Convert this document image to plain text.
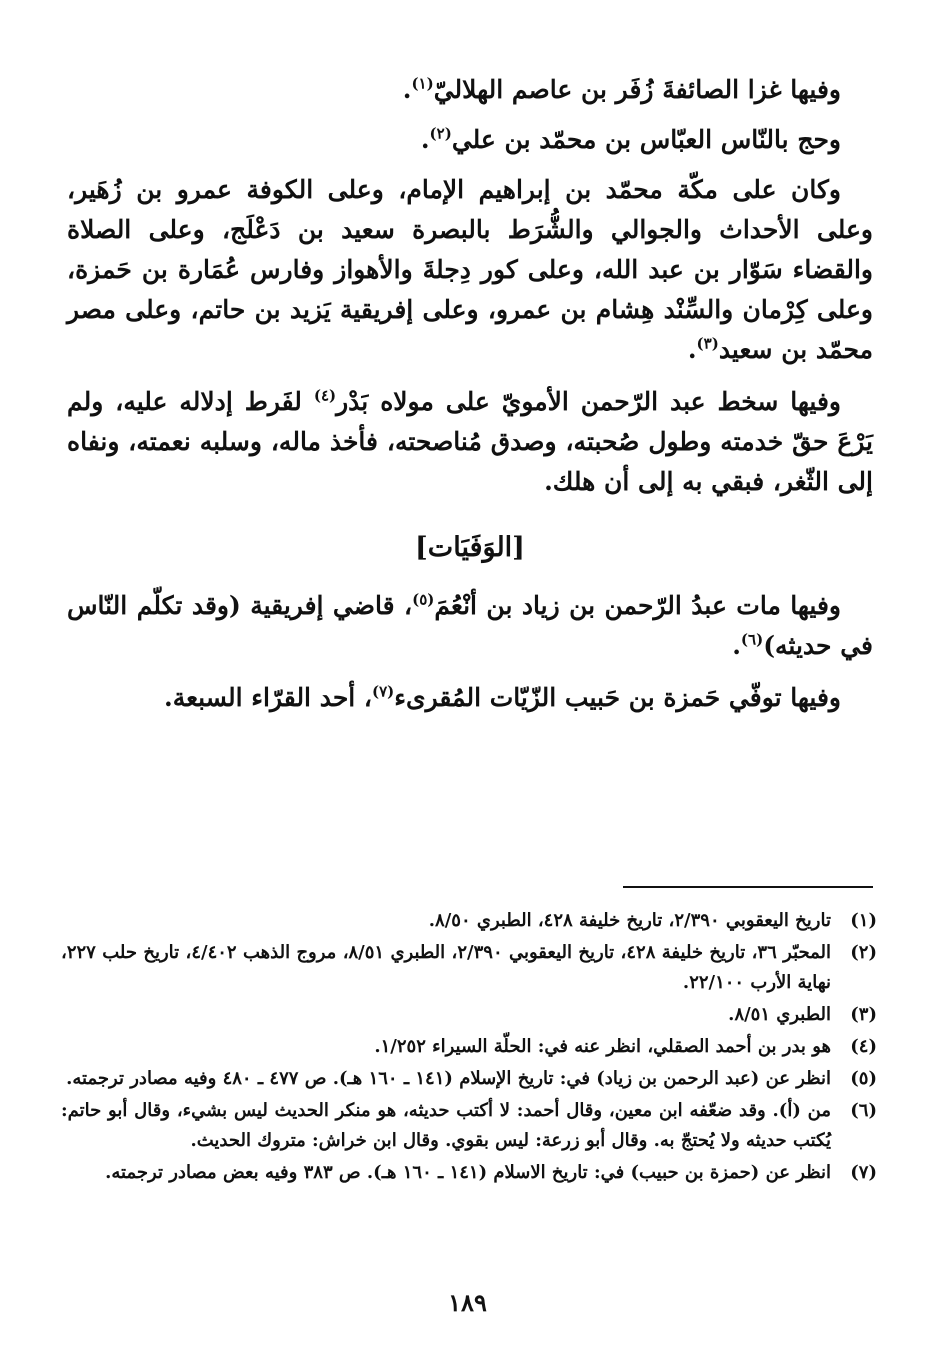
وفيها غزا الصائفةَ زُفَر بن عاصم الهلاليّ$^{(١)}$.

وحج بالنّاس العبّاس بن محمّد بن علي$^{(٢)}$.

وكان على مكّة محمّد بن إبراهيم الإمام، وعلى الكوفة عمرو بن زُهَير، وعلى الأحداث والجوالي والشُّرَط بالبصرة سعيد بن دَعْلَج، وعلى الصلاة والقضاء سَوّار بن عبد الله، وعلى كور دِجلةَ والأهواز وفارس عُمَارة بن حَمزة، وعلى كِرْمان والسِّنْد هِشام بن عمرو، وعلى إفريقية يَزيد بن حاتم، وعلى مصر محمّد بن سعيد$^{(٣)}$.

وفيها سخط عبد الرّحمن الأمويّ على مولاه بَدْر$^{(٤)}$ لفَرط إدلاله عليه، ولم يَرْعَ حقّ خدمته وطول صُحبته، وصدق مُناصحته، فأخذ ماله، وسلبه نعمته، ونفاه إلى الثّغر، فبقي به إلى أن هلك.

[الوَفَيَات]

وفيها مات عبدُ الرّحمن بن زياد بن أنْعُمَ$^{(٥)}$، قاضي إفريقية (وقد تكلّم النّاس في حديثه)$^{(٦)}$.

وفيها توفّي حَمزة بن حَبيب الزّيّات المُقرىء$^{(٧)}$، أحد القرّاء السبعة.

(١)
تاريخ اليعقوبي ٢/٣٩٠، تاريخ خليفة ٤٢٨، الطبري ٨/٥٠.
(٢)
المحبّر ٣٦، تاريخ خليفة ٤٢٨، تاريخ اليعقوبي ٢/٣٩٠، الطبري ٨/٥١، مروج الذهب ٤/٤٠٢، تاريخ حلب ٢٢٧، نهاية الأرب ٢٢/١٠٠.
(٣)
الطبري ٨/٥١.
(٤)
هو بدر بن أحمد الصقلي، انظر عنه في: الحلّة السيراء ١/٢٥٢.
(٥)
انظر عن (عبد الرحمن بن زياد) في: تاريخ الإسلام (١٤١ ـ ١٦٠ هـ). ص ٤٧٧ ـ ٤٨٠ وفيه مصادر ترجمته.
(٦)
من (أ). وقد ضعّفه ابن معين، وقال أحمد: لا أكتب حديثه، هو منكر الحديث ليس بشيء، وقال أبو حاتم: يُكتب حديثه ولا يُحتجّ به. وقال أبو زرعة: ليس بقوي. وقال ابن خراش: متروك الحديث.
(٧)
انظر عن (حمزة بن حبيب) في: تاريخ الاسلام (١٤١ ـ ١٦٠ هـ). ص ٣٨٣ وفيه بعض مصادر ترجمته.
١٨٩
